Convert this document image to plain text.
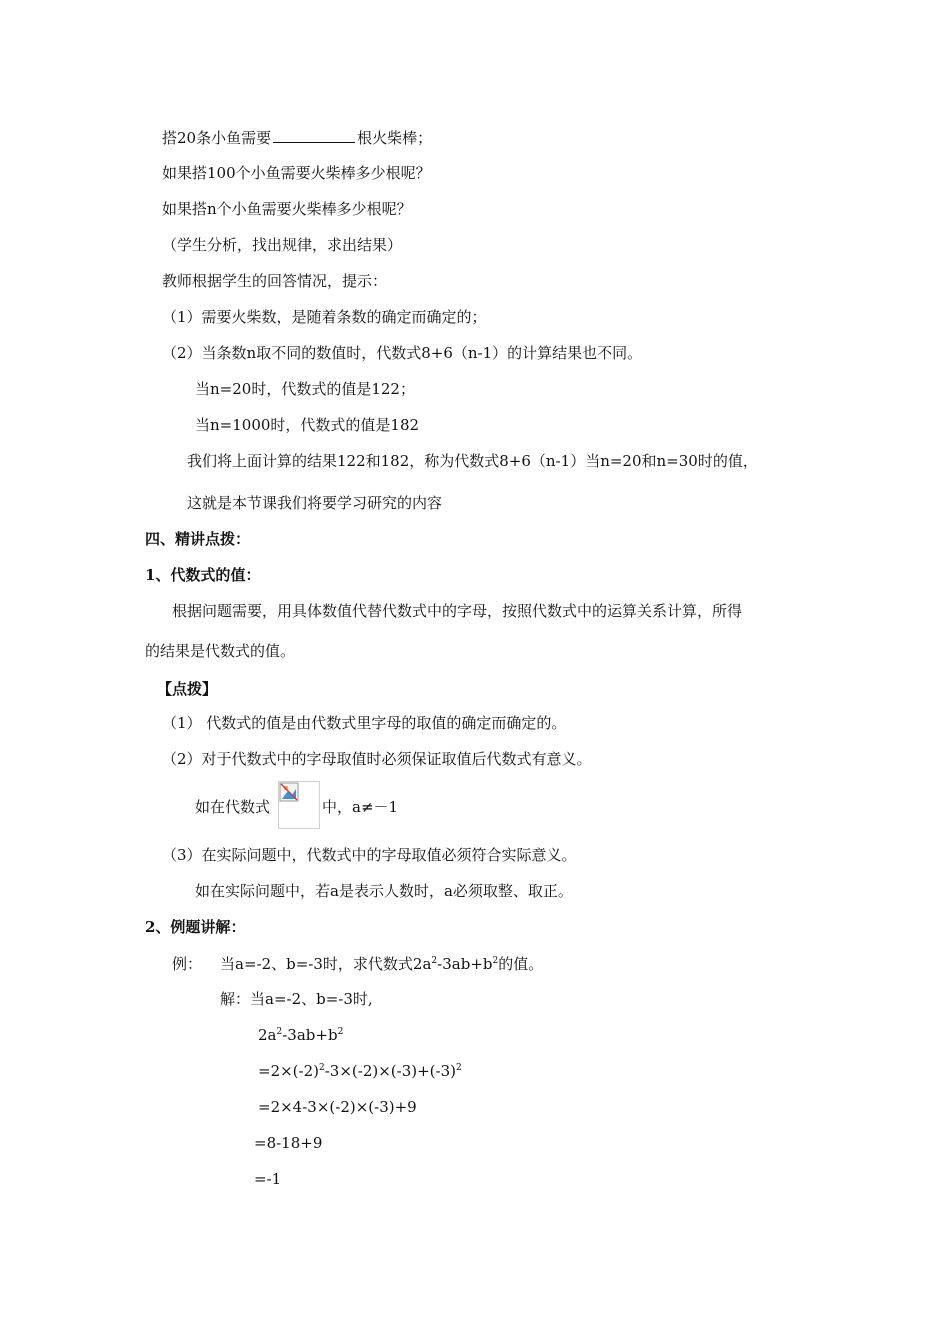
搭20条小鱼需要	根火柴棒；
如果搭100个小鱼需要火柴棒多少根呢？
如果搭n个小鱼需要火柴棒多少根呢？
（学生分析，找出规律，求出结果）
教师根据学生的回答情况，提示：
（1）需要火柴数，是随着条数的确定而确定的；
（2）当条数n取不同的数值时，代数式8+6（n-1）的计算结果也不同。
当n=20时，代数式的值是122；
当n=1000时，代数式的值是182
我们将上面计算的结果122和182，称为代数式8+6（n-1）当n=20和n=30时的值，
这就是本节课我们将要学习研究的内容
四、精讲点拨：
1、代数式的值：
根据问题需要，用具体数值代替代数式中的字母，按照代数式中的运算关系计算，所得
的结果是代数式的值。
【点拨】
（1） 代数式的值是由代数式里字母的取值的确定而确定的。
（2）对于代数式中的字母取值时必须保证取值后代数式有意义。
如在代数式	中，a≠－1
（3）在实际问题中，代数式中的字母取值必须符合实际意义。
如在实际问题中，若a是表示人数时，a必须取整、取正。
2、例题讲解：
例： 当a=-2、b=-3时，求代数式$2a^2-3ab+b^2$的值。
解：当a=-2、b=-3时,
$2a^2-3ab+b^2$
$=2\times(-2)^2-3\times(-2)\times(-3)+(-3)^2$
=2×4-3×(-2)×(-3)+9
=8-18+9
=-1
